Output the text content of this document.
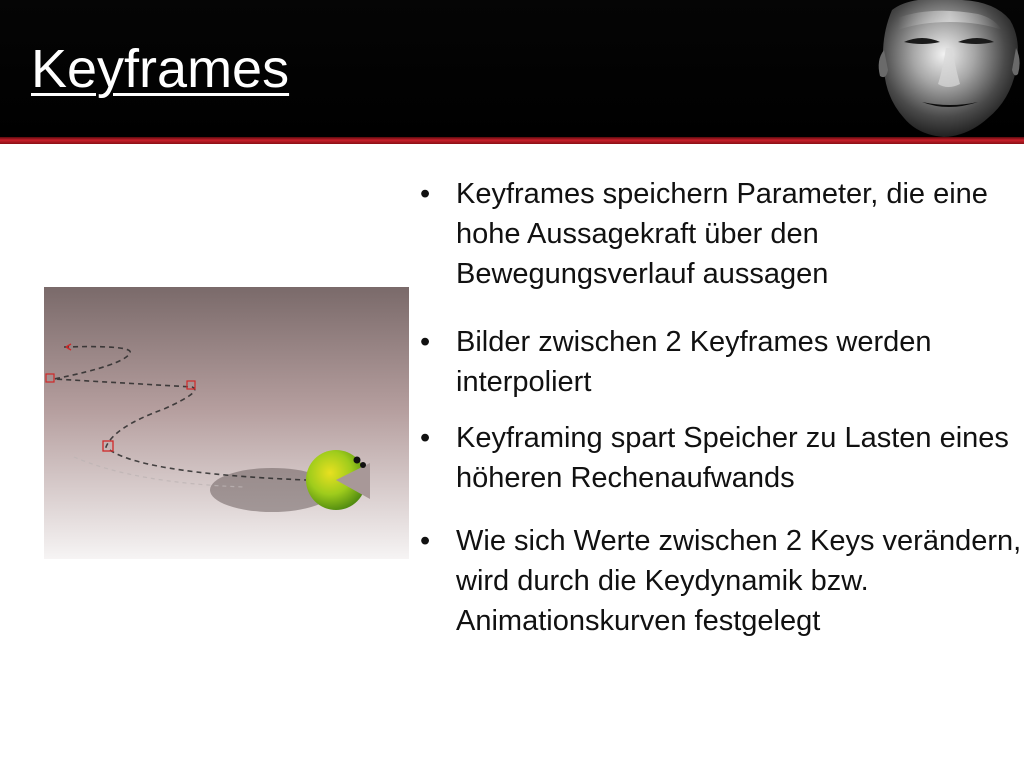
Keyframes
• Keyframes speichern Parameter, die eine hohe Aussagekraft über den Bewegungsverlauf aussagen
• Bilder zwischen 2 Keyframes werden interpoliert
• Keyframing spart Speicher zu Lasten eines höheren Rechenaufwands
• Wie sich Werte zwischen 2 Keys verändern, wird durch die Keydynamik bzw. Animationskurven festgelegt
